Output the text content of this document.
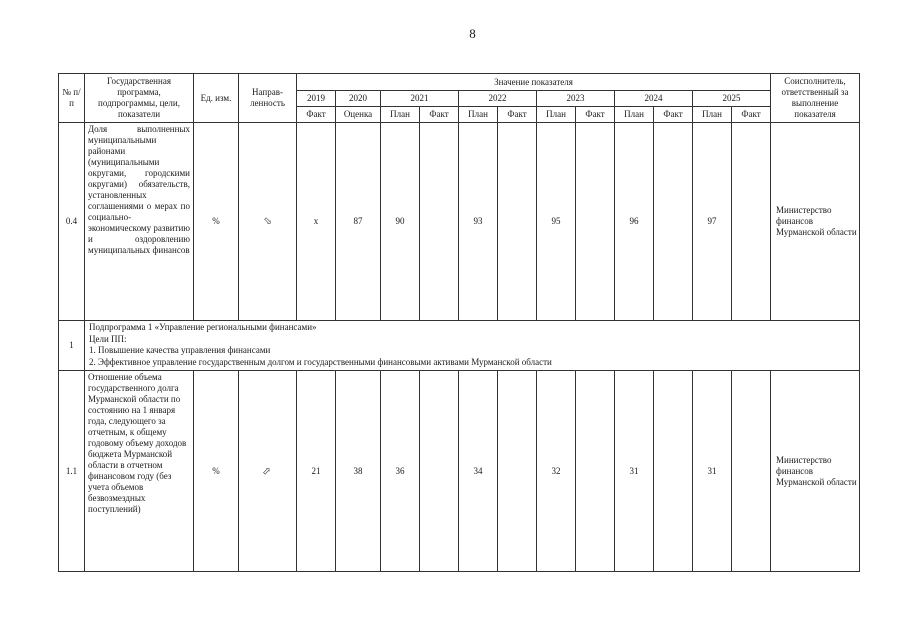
8
№ п/п	Государственная программа, подпрограммы, цели, показатели	Ед. изм.	Направ-ленность	Значение показателя												Соисполнитель, ответственный за выполнение показателя
				2019	2020	2021		2022		2023		2024		2025		
				Факт	Оценка	План	Факт	План	Факт	План	Факт	План	Факт	План	Факт	
0.4	Доля выполненных муниципальными районами (муниципальными округами, городскими округами) обязательств, установленных соглашениями о мерах по социально-экономическому развитию и оздоровлению муниципальных финансов	%	⇨	x	87	90		93		95		96		97		Министерство финансов Мурманской области
1	Подпрограмма 1 «Управление региональными финансами»
Цели ПП:
1. Повышение качества управления финансами
2. Эффективное управление государственным долгом и государственными финансовыми активами Мурманской области															

1.1	Отношение объема государственного долга Мурманской области по состоянию на 1 января года, следующего за отчетным, к общему годовому объему доходов бюджета Мурманской области в отчетном финансовом году (без учета объемов безвозмездных поступлений)	%	⇨	21	38	36		34		32		31		31		Министерство финансов Мурманской области
